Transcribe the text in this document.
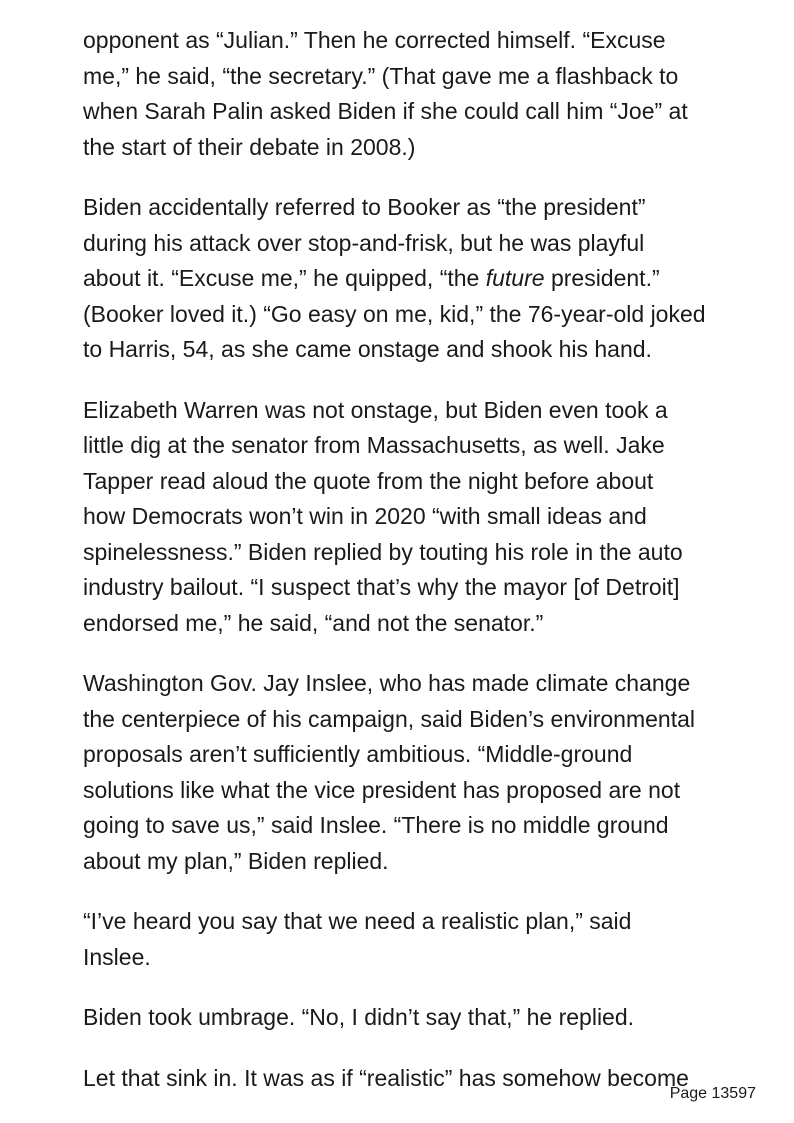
opponent as “Julian.” Then he corrected himself. “Excuse
me,” he said, “the secretary.” (That gave me a flashback to
when Sarah Palin asked Biden if she could call him “Joe” at
the start of their debate in 2008.)

Biden accidentally referred to Booker as “the president”
during his attack over stop-and-frisk, but he was playful
about it. “Excuse me,” he quipped, “the future president.”
(Booker loved it.) “Go easy on me, kid,” the 76-year-old joked
to Harris, 54, as she came onstage and shook his hand.

Elizabeth Warren was not onstage, but Biden even took a
little dig at the senator from Massachusetts, as well. Jake
Tapper read aloud the quote from the night before about
how Democrats won’t win in 2020 “with small ideas and
spinelessness.” Biden replied by touting his role in the auto
industry bailout. “I suspect that’s why the mayor [of Detroit]
endorsed me,” he said, “and not the senator.”

Washington Gov. Jay Inslee, who has made climate change
the centerpiece of his campaign, said Biden’s environmental
proposals aren’t sufficiently ambitious. “Middle-ground
solutions like what the vice president has proposed are not
going to save us,” said Inslee. “There is no middle ground
about my plan,” Biden replied.

“I’ve heard you say that we need a realistic plan,” said
Inslee.

Biden took umbrage. “No, I didn’t say that,” he replied.

Let that sink in. It was as if “realistic” has somehow become

Page 13597
